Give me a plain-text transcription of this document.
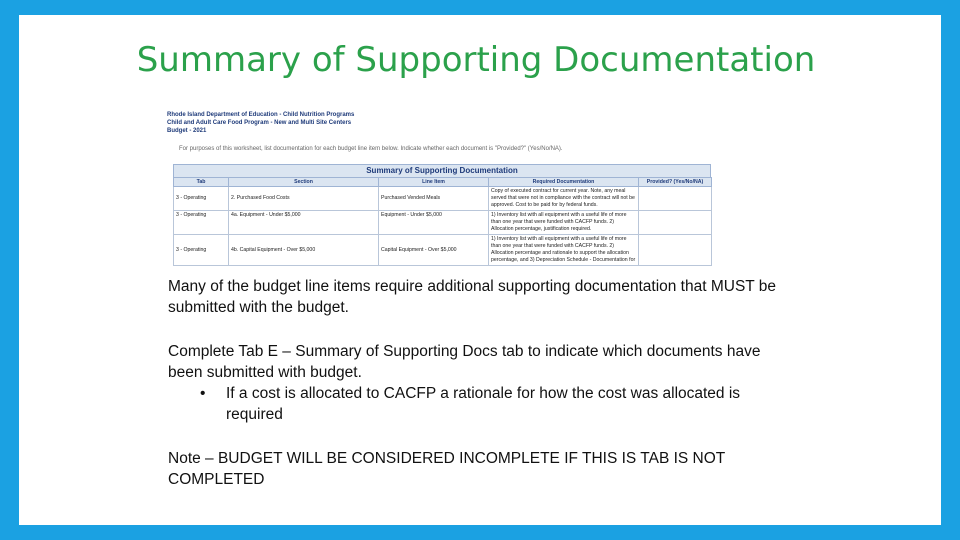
Summary of Supporting Documentation
Rhode Island Department of Education - Child Nutrition Programs
Child and Adult Care Food Program - New and Multi Site Centers
Budget - 2021
For purposes of this worksheet, list documentation for each budget line item below. Indicate whether each document is "Provided?" (Yes/No/NA).
Summary of Supporting Documentation
Tab	Section	Line Item	Required Documentation	Provided? (Yes/No/NA)
3 - Operating	2. Purchased Food Costs	Purchased Vended Meals	Copy of executed contract for current year. Note, any meal served that were not in compliance with the contract will not be approved. Cost to be paid for by federal funds.	
3 - Operating	4a. Equipment - Under $5,000	Equipment - Under $5,000	1) Inventory list with all equipment with a useful life of more than one year that were funded with CACFP funds. 2) Allocation percentage, justification required.	
3 - Operating	4b. Capital Equipment - Over $5,000	Capital Equipment - Over $5,000	1) Inventory list with all equipment with a useful life of more than one year that were funded with CACFP funds. 2) Allocation percentage and rationale to support the allocation percentage, and 3) Depreciation Schedule - Documentation for	

Many of the budget line items require additional supporting documentation that MUST be submitted with the budget.

Complete Tab E – Summary of Supporting Docs tab to indicate which documents have been submitted with budget.

•	If a cost is allocated to CACFP a rationale for how the cost was allocated is required

Note – BUDGET WILL BE CONSIDERED INCOMPLETE IF THIS IS TAB IS NOT COMPLETED
